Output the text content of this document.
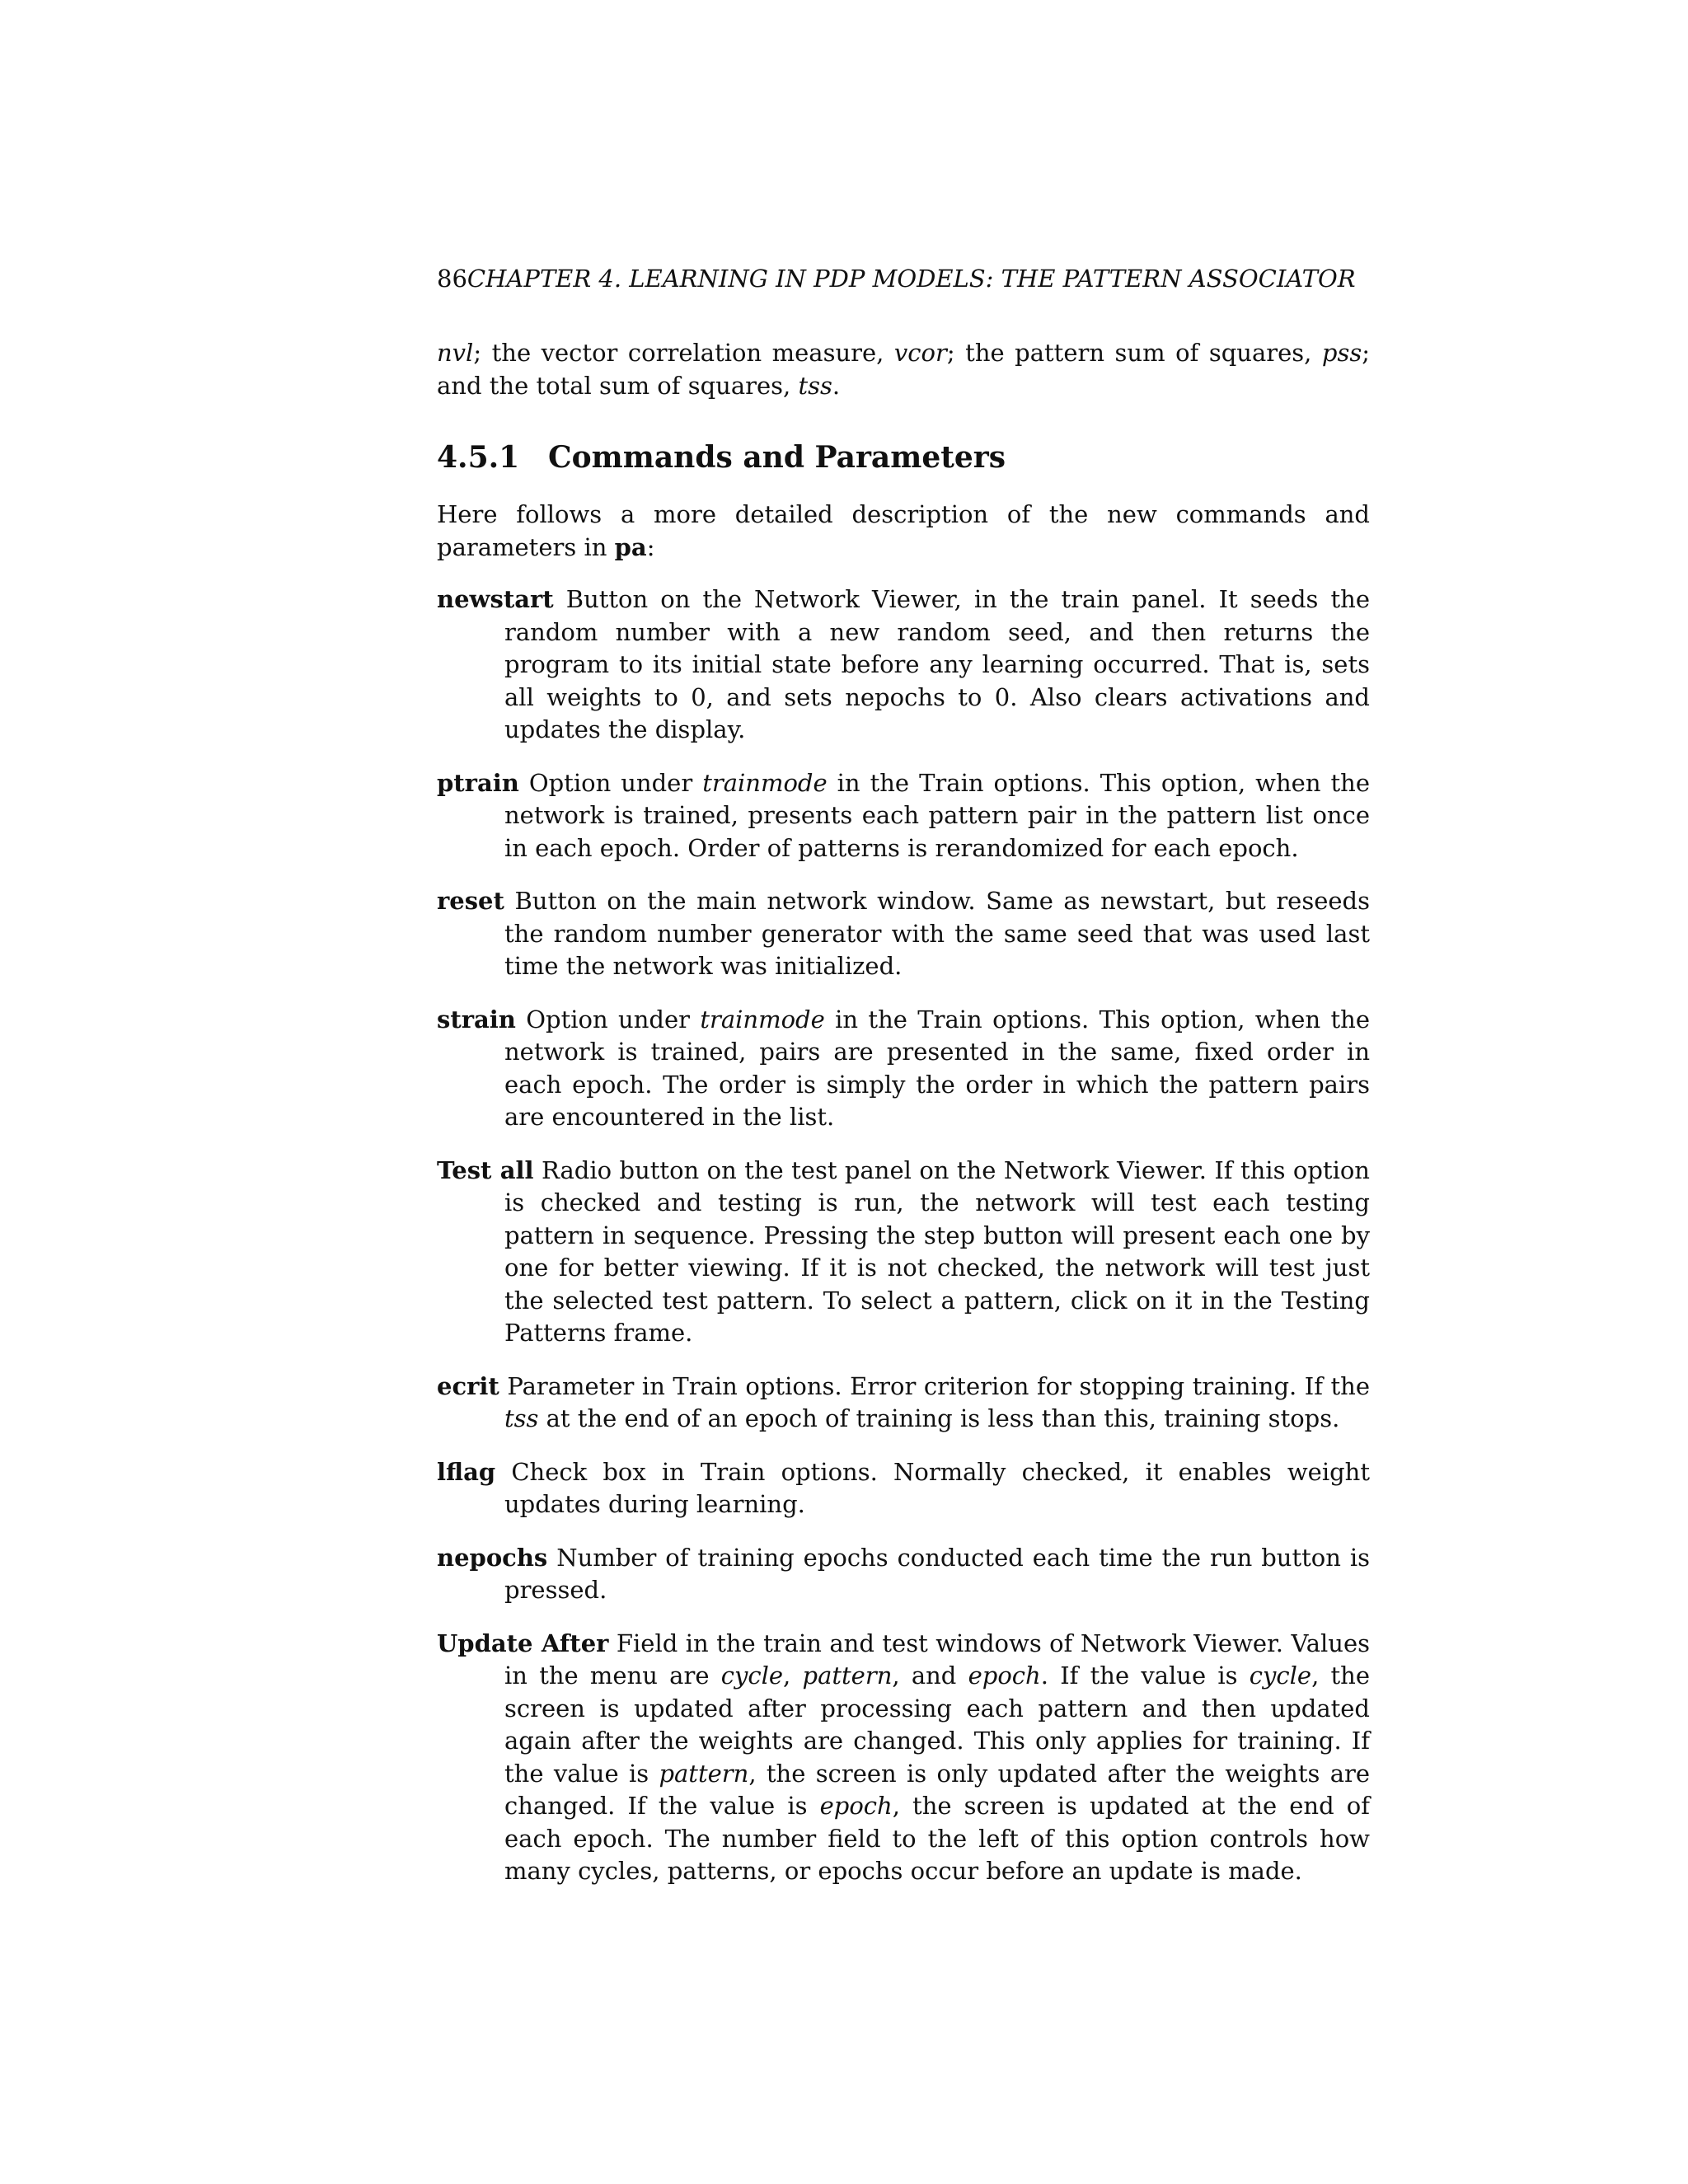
86CHAPTER 4. LEARNING IN PDP MODELS: THE PATTERN ASSOCIATOR

nvl; the vector correlation measure, vcor; the pattern sum of squares, pss; and the total sum of squares, tss.

4.5.1 Commands and Parameters

Here follows a more detailed description of the new commands and parameters in pa:

newstart Button on the Network Viewer, in the train panel. It seeds the random number with a new random seed, and then returns the program to its initial state before any learning occurred. That is, sets all weights to 0, and sets nepochs to 0. Also clears activations and updates the display.

ptrain Option under trainmode in the Train options. This option, when the network is trained, presents each pattern pair in the pattern list once in each epoch. Order of patterns is rerandomized for each epoch.

reset Button on the main network window. Same as newstart, but reseeds the random number generator with the same seed that was used last time the network was initialized.

strain Option under trainmode in the Train options. This option, when the network is trained, pairs are presented in the same, fixed order in each epoch. The order is simply the order in which the pattern pairs are encountered in the list.

Test all Radio button on the test panel on the Network Viewer. If this option is checked and testing is run, the network will test each testing pattern in sequence. Pressing the step button will present each one by one for better viewing. If it is not checked, the network will test just the selected test pattern. To select a pattern, click on it in the Testing Patterns frame.

ecrit Parameter in Train options. Error criterion for stopping training. If the tss at the end of an epoch of training is less than this, training stops.

lflag Check box in Train options. Normally checked, it enables weight updates during learning.

nepochs Number of training epochs conducted each time the run button is pressed.

Update After Field in the train and test windows of Network Viewer. Values in the menu are cycle, pattern, and epoch. If the value is cycle, the screen is updated after processing each pattern and then updated again after the weights are changed. This only applies for training. If the value is pattern, the screen is only updated after the weights are changed. If the value is epoch, the screen is updated at the end of each epoch. The number field to the left of this option controls how many cycles, patterns, or epochs occur before an update is made.
